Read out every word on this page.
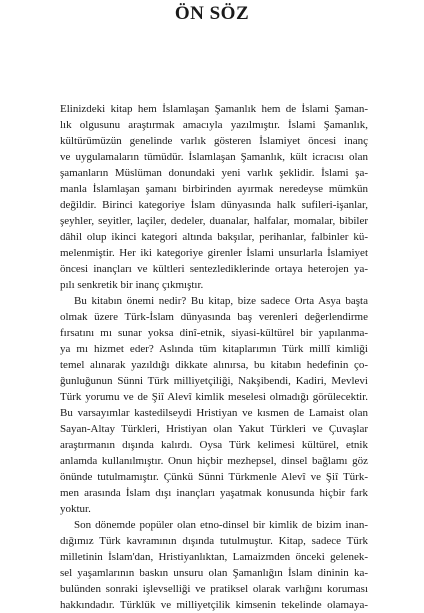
ÖN SÖZ
Elinizdeki kitap hem İslamlaşan Şamanlık hem de İslami Şaman-
lık olgusunu araştırmak amacıyla yazılmıştır. İslami Şamanlık,
kültürümüzün genelinde varlık gösteren İslamiyet öncesi inanç
ve uygulamaların tümüdür. İslamlaşan Şamanlık, kült icracısı olan
şamanların Müslüman donundaki yeni varlık şeklidir. İslami şa-
manla İslamlaşan şamanı birbirinden ayırmak neredeyse mümkün
değildir. Birinci kategoriye İslam dünyasında halk sufileri-işanlar,
şeyhler, seyitler, laçiler, dedeler, duanalar, halfalar, momalar, bibiler
dâhil olup ikinci kategori altında bakşılar, perihanlar, falbinler kü-
melenmiştir. Her iki kategoriye girenler İslami unsurlarla İslamiyet
öncesi inançları ve kültleri sentezlediklerinde ortaya heterojen ya-
pılı senkretik bir inanç çıkmıştır.
Bu kitabın önemi nedir? Bu kitap, bize sadece Orta Asya başta
olmak üzere Türk-İslam dünyasında baş verenleri değerlendirme
fırsatını mı sunar yoksa dinî-etnik, siyasi-kültürel bir yapılanma-
ya mı hizmet eder? Aslında tüm kitaplarımın Türk millî kimliği
temel alınarak yazıldığı dikkate alınırsa, bu kitabın hedefinin ço-
ğunluğunun Sünni Türk milliyetçiliği, Nakşibendi, Kadiri, Mevlevi
Türk yorumu ve de Şiî Alevî kimlik meselesi olmadığı görülecektir.
Bu varsayımlar kastedilseydi Hristiyan ve kısmen de Lamaist olan
Sayan-Altay Türkleri, Hristiyan olan Yakut Türkleri ve Çuvaşlar
araştırmanın dışında kalırdı. Oysa Türk kelimesi kültürel, etnik
anlamda kullanılmıştır. Onun hiçbir mezhepsel, dinsel bağlamı göz
önünde tutulmamıştır. Çünkü Sünni Türkmenle Alevî ve Şiî Türk-
men arasında İslam dışı inançları yaşatmak konusunda hiçbir fark
yoktur.
Son dönemde popüler olan etno-dinsel bir kimlik de bizim inan-
dığımız Türk kavramının dışında tutulmuştur. Kitap, sadece Türk
milletinin İslam'dan, Hristiyanlıktan, Lamaizmden önceki gelenek-
sel yaşamlarının baskın unsuru olan Şamanlığın İslam dininin ka-
bulünden sonraki işlevselliği ve pratiksel olarak varlığını koruması
hakkındadır. Türklük ve milliyetçilik kimsenin tekelinde olamaya-
